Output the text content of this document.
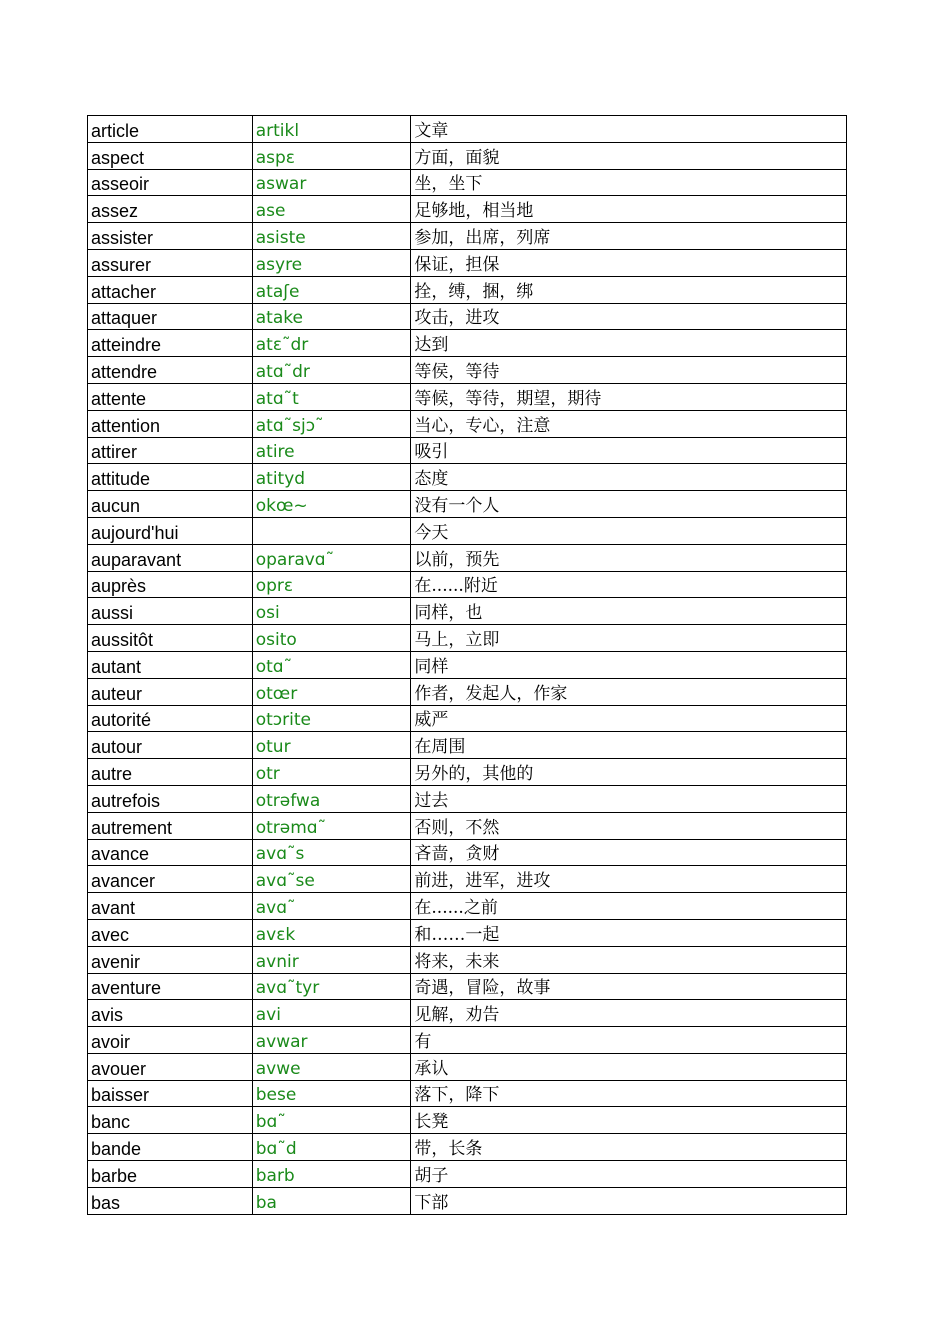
article	artikl	文章
aspect	aspɛ	方面，面貌
asseoir	aswar	坐，坐下
assez	ase	足够地，相当地
assister	asiste	参加，出席，列席
assurer	asyre	保证，担保
attacher	ataʃe	拴，缚，捆，绑
attaquer	atake	攻击，进攻
atteindre	atɛ˜dr	达到
attendre	atɑ˜dr	等侯，等待
attente	atɑ˜t	等候，等待，期望，期待
attention	atɑ˜sjɔ˜	当心，专心，注意
attirer	atire	吸引
attitude	atityd	态度
aucun	okœ~	没有一个人
aujourd'hui		今天
auparavant	oparavɑ˜	以前，预先
auprès	oprɛ	在......附近
aussi	osi	同样，也
aussitôt	osito	马上，立即
autant	otɑ˜	同样
auteur	otœr	作者，发起人，作家
autorité	otɔrite	威严
autour	otur	在周围
autre	otr	另外的，其他的
autrefois	otrəfwa	过去
autrement	otrəmɑ˜	否则，不然
avance	avɑ˜s	吝啬，贪财
avancer	avɑ˜se	前进，进军，进攻
avant	avɑ˜	在......之前
avec	avɛk	和……一起
avenir	avnir	将来，未来
aventure	avɑ˜tyr	奇遇，冒险，故事
avis	avi	见解，劝告
avoir	avwar	有
avouer	avwe	承认
baisser	bese	落下，降下
banc	bɑ˜	长凳
bande	bɑ˜d	带，长条
barbe	barb	胡子
bas	ba	下部
